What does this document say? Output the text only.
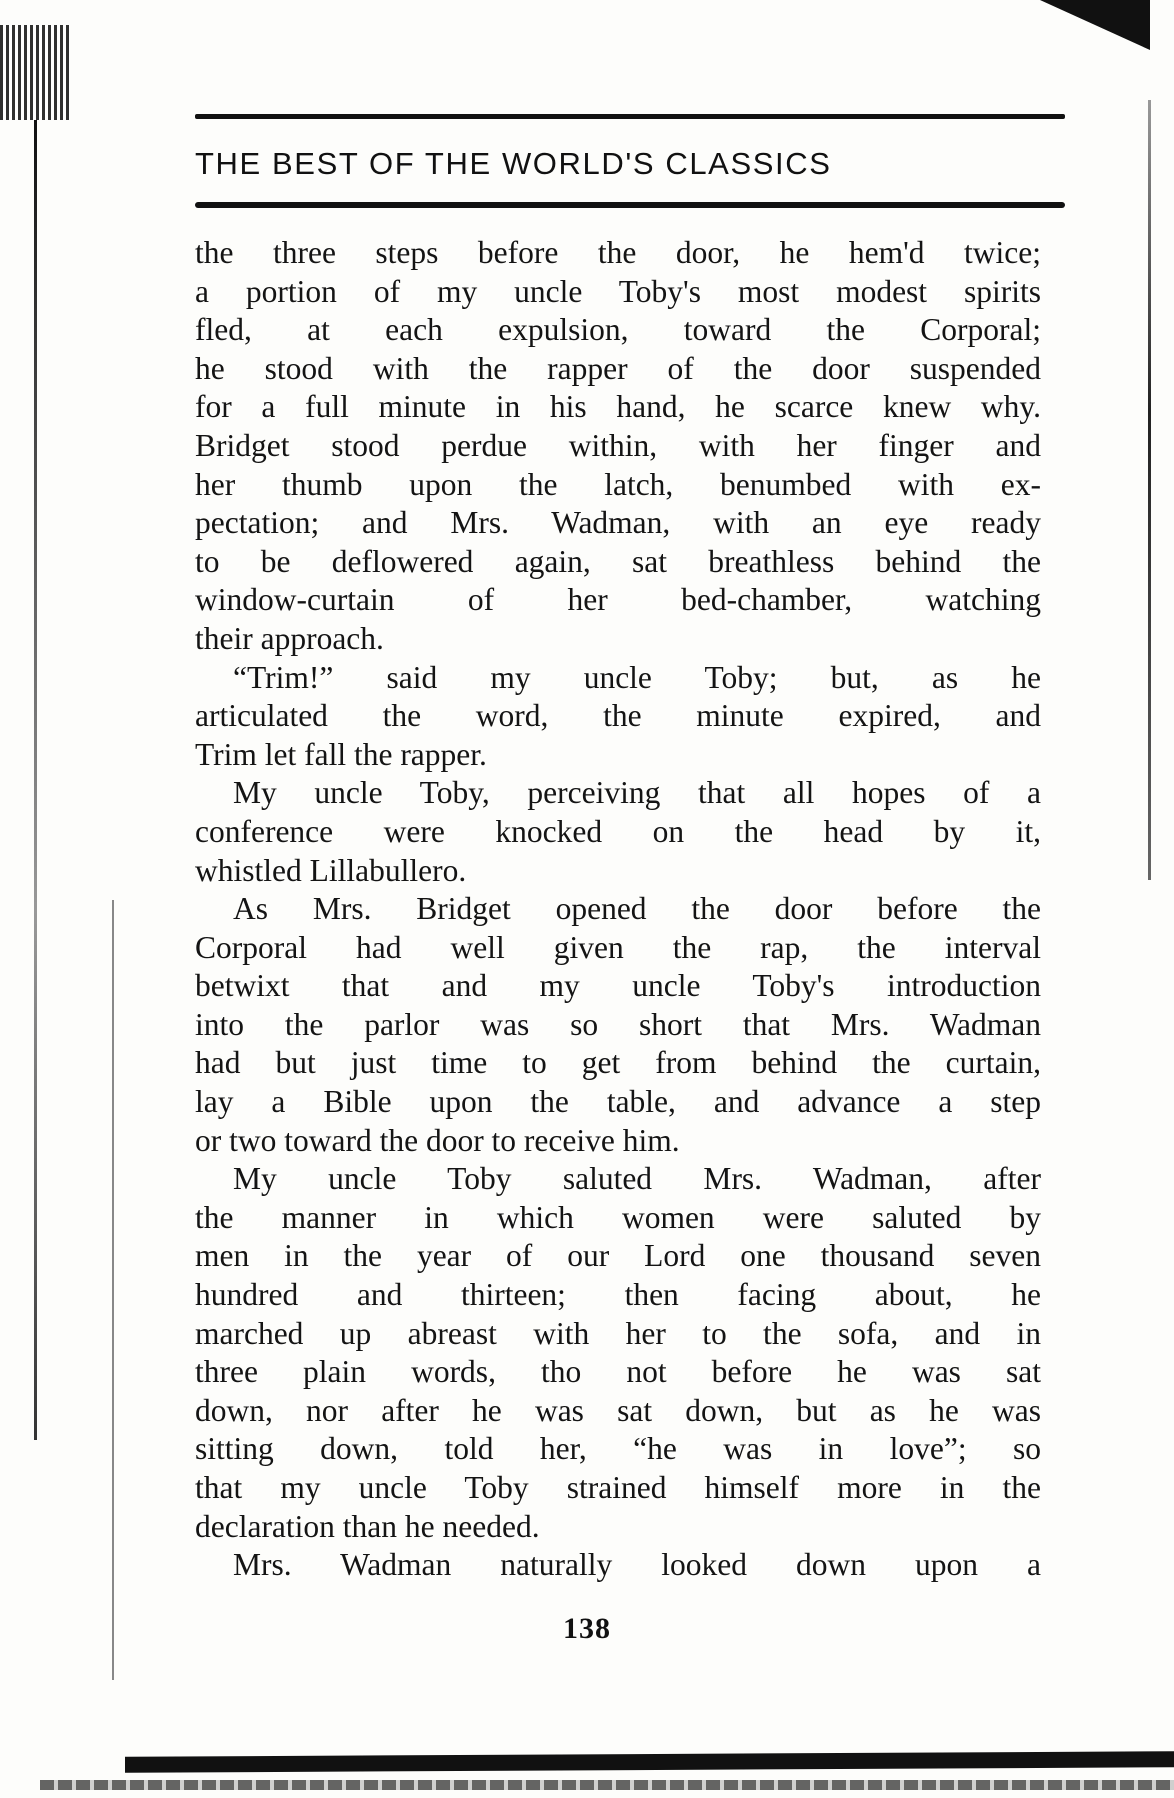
THE BEST OF THE WORLD'S CLASSICS
the three steps before the door, he hem'd twice;
a portion of my uncle Toby's most modest spirits
fled, at each expulsion, toward the Corporal;
he stood with the rapper of the door suspended
for a full minute in his hand, he scarce knew why.
Bridget stood perdue within, with her finger and
her thumb upon the latch, benumbed with ex-
pectation; and Mrs. Wadman, with an eye ready
to be deflowered again, sat breathless behind the
window-curtain of her bed-chamber, watching
their approach.
“Trim!” said my uncle Toby; but, as he
articulated the word, the minute expired, and
Trim let fall the rapper.
My uncle Toby, perceiving that all hopes of a
conference were knocked on the head by it,
whistled Lillabullero.
As Mrs. Bridget opened the door before the
Corporal had well given the rap, the interval
betwixt that and my uncle Toby's introduction
into the parlor was so short that Mrs. Wadman
had but just time to get from behind the curtain,
lay a Bible upon the table, and advance a step
or two toward the door to receive him.
My uncle Toby saluted Mrs. Wadman, after
the manner in which women were saluted by
men in the year of our Lord one thousand seven
hundred and thirteen; then facing about, he
marched up abreast with her to the sofa, and in
three plain words, tho not before he was sat
down, nor after he was sat down, but as he was
sitting down, told her, “he was in love”; so
that my uncle Toby strained himself more in the
declaration than he needed.
Mrs. Wadman naturally looked down upon a
138
